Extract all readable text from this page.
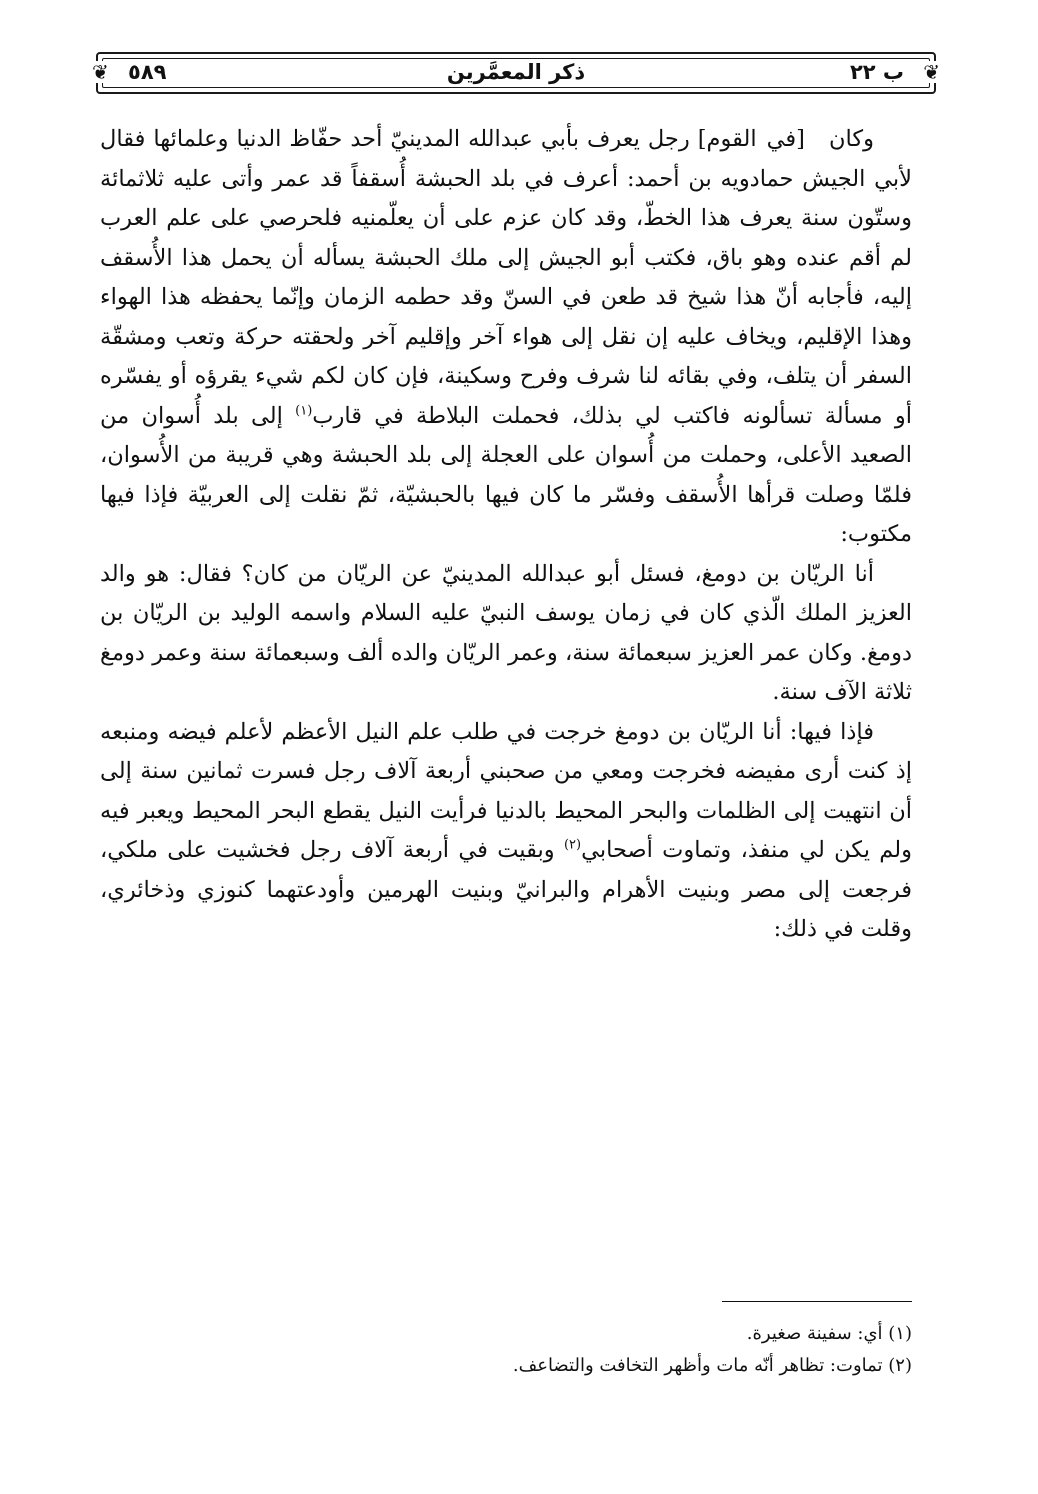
❦	❦
٥٨٩	ذكر المعمَّرين	ب ٢٢

وكان   [في القوم] رجل يعرف بأبي عبدالله المدينيّ أحد حفّاظ الدنيا وعلمائها فقال لأبي الجيش حمادويه بن أحمد: أعرف في بلد الحبشة أُسقفاً قد عمر وأتى عليه ثلاثمائة وستّون سنة يعرف هذا الخطّ، وقد كان عزم على أن يعلّمنيه فلحرصي على علم العرب لم أقم عنده وهو باق، فكتب أبو الجيش إلى ملك الحبشة يسأله أن يحمل هذا الأُسقف إليه، فأجابه أنّ هذا شيخ قد طعن في السنّ وقد حطمه الزمان وإنّما يحفظه هذا الهواء وهذا الإقليم، ويخاف عليه إن نقل إلى هواء آخر وإقليم آخر ولحقته حركة وتعب ومشقّة السفر أن يتلف، وفي بقائه لنا شرف وفرح وسكينة، فإن كان لكم شيء يقرؤه أو يفسّره أو مسألة تسألونه فاكتب لي بذلك، فحملت البلاطة في قارب$^{(١)}$ إلى بلد أُسوان من الصعيد الأعلى، وحملت من أُسوان على العجلة إلى بلد الحبشة وهي قريبة من الأُسوان، فلمّا وصلت قرأها الأُسقف وفسّر ما كان فيها بالحبشيّة، ثمّ نقلت إلى العربيّة فإذا فيها مكتوب:

أنا الريّان بن دومغ، فسئل أبو عبدالله المدينيّ عن الريّان من كان؟ فقال: هو والد العزيز الملك الّذي كان في زمان يوسف النبيّ عليه السلام واسمه الوليد بن الريّان بن دومغ. وكان عمر العزيز سبعمائة سنة، وعمر الريّان والده ألف وسبعمائة سنة وعمر دومغ ثلاثة الآف سنة.

فإذا فيها: أنا الريّان بن دومغ خرجت في طلب علم النيل الأعظم لأعلم فيضه ومنبعه إذ كنت أرى مفيضه فخرجت ومعي من صحبني أربعة آلاف رجل فسرت ثمانين سنة إلى أن انتهيت إلى الظلمات والبحر المحيط بالدنيا فرأيت النيل يقطع البحر المحيط ويعبر فيه ولم يكن لي منفذ، وتماوت أصحابي$^{(٢)}$ وبقيت في أربعة آلاف رجل فخشيت على ملكي، فرجعت إلى مصر وبنيت الأهرام والبرانيّ وبنيت الهرمين وأودعتهما كنوزي وذخائري، وقلت في ذلك:

(١) أي: سفينة صغيرة.

(٢) تماوت: تظاهر أنّه مات وأظهر التخافت والتضاعف.
